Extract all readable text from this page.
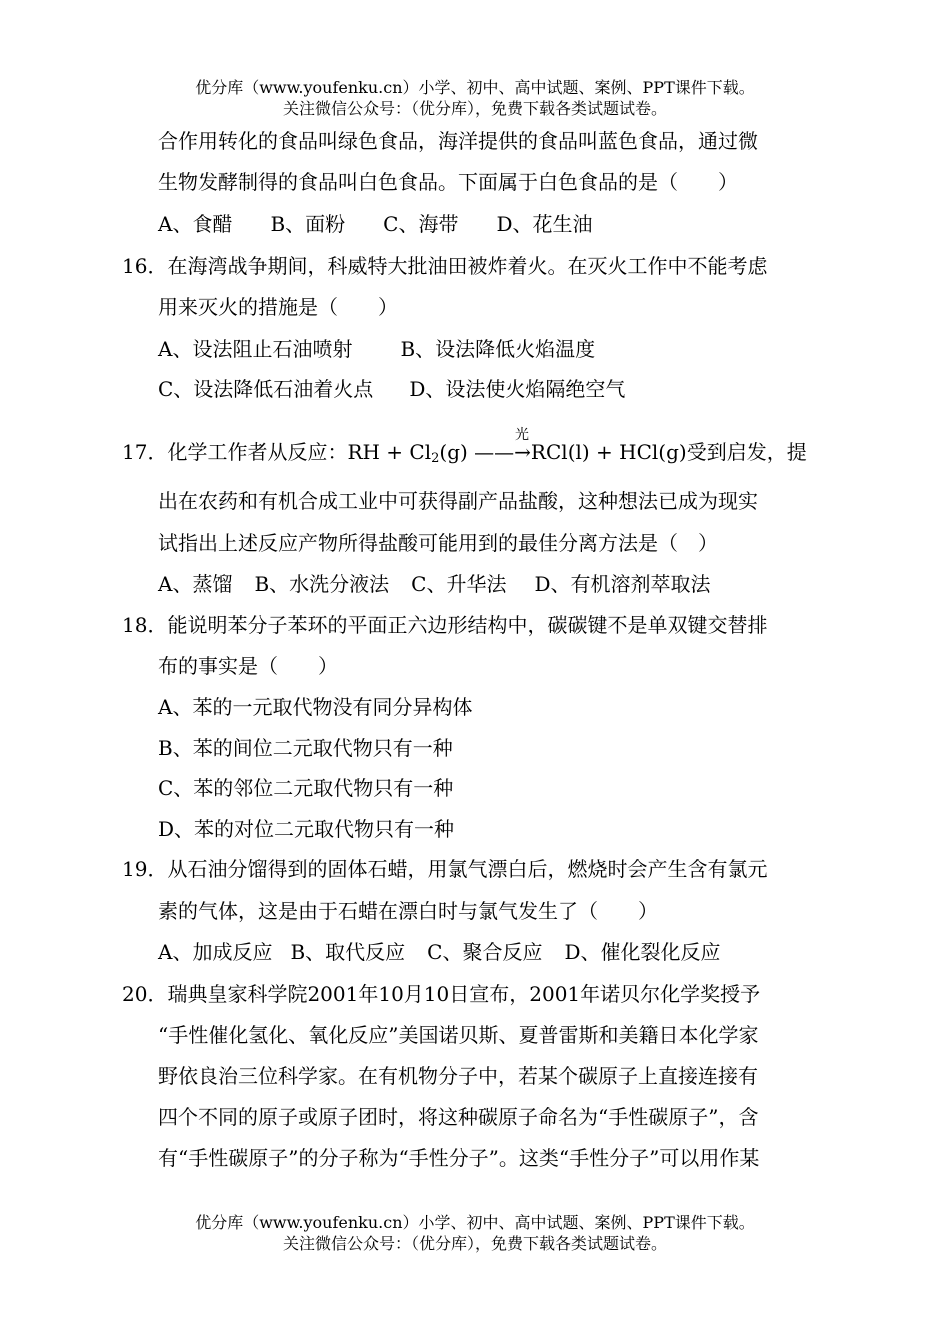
优分库（www.youfenku.cn）小学、初中、高中试题、案例、PPT课件下载。
关注微信公众号：（优分库），免费下载各类试题试卷。
合作用转化的食品叫绿色食品，海洋提供的食品叫蓝色食品，通过微
生物发酵制得的食品叫白色食品。下面属于白色食品的是（　　）
A、食醋 B、面粉 C、海带 D、花生油
16．在海湾战争期间，科威特大批油田被炸着火。在灭火工作中不能考虑
用来灭火的措施是（　　）
A、设法阻止石油喷射 B、设法降低火焰温度
C、设法降低石油着火点 D、设法使火焰隔绝空气
光
17．化学工作者从反应：RH + $Cl_2(g)$ ——→RCl(l) + HCl(g)受到启发，提
出在农药和有机合成工业中可获得副产品盐酸，这种想法已成为现实
试指出上述反应产物所得盐酸可能用到的最佳分离方法是（　）
A、蒸馏 B、水洗分液法 C、升华法 D、有机溶剂萃取法
18．能说明苯分子苯环的平面正六边形结构中，碳碳键不是单双键交替排
布的事实是（　　）
A、苯的一元取代物没有同分异构体
B、苯的间位二元取代物只有一种
C、苯的邻位二元取代物只有一种
D、苯的对位二元取代物只有一种
19．从石油分馏得到的固体石蜡，用氯气漂白后，燃烧时会产生含有氯元
素的气体，这是由于石蜡在漂白时与氯气发生了（　　）
A、加成反应 B、取代反应 C、聚合反应 D、催化裂化反应
20．瑞典皇家科学院2001年10月10日宣布，2001年诺贝尔化学奖授予
“手性催化氢化、氧化反应”美国诺贝斯、夏普雷斯和美籍日本化学家
野依良治三位科学家。在有机物分子中，若某个碳原子上直接连接有
四个不同的原子或原子团时，将这种碳原子命名为“手性碳原子”，含
有“手性碳原子”的分子称为“手性分子”。这类“手性分子”可以用作某
优分库（www.youfenku.cn）小学、初中、高中试题、案例、PPT课件下载。
关注微信公众号：（优分库），免费下载各类试题试卷。
